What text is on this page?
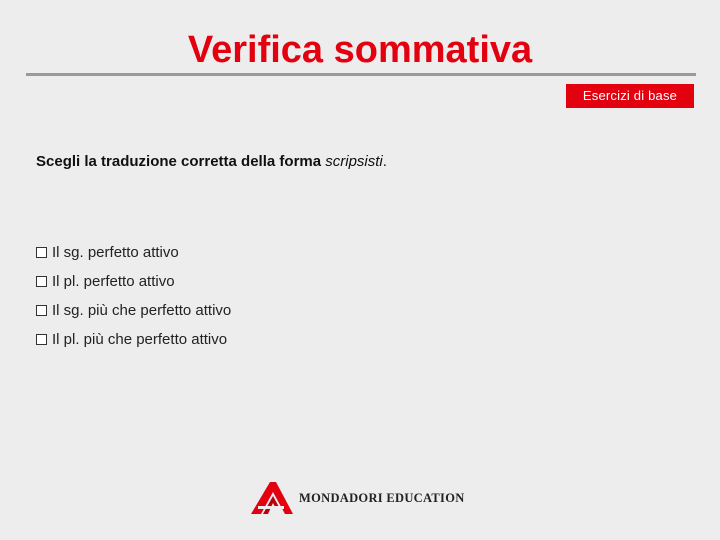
Verifica sommativa
Esercizi di base
Scegli la traduzione corretta della forma scripsisti.
Il sg. perfetto attivo
Il pl. perfetto attivo
Il sg. più che perfetto attivo
Il pl. più che perfetto attivo
MONDADORI EDUCATION
